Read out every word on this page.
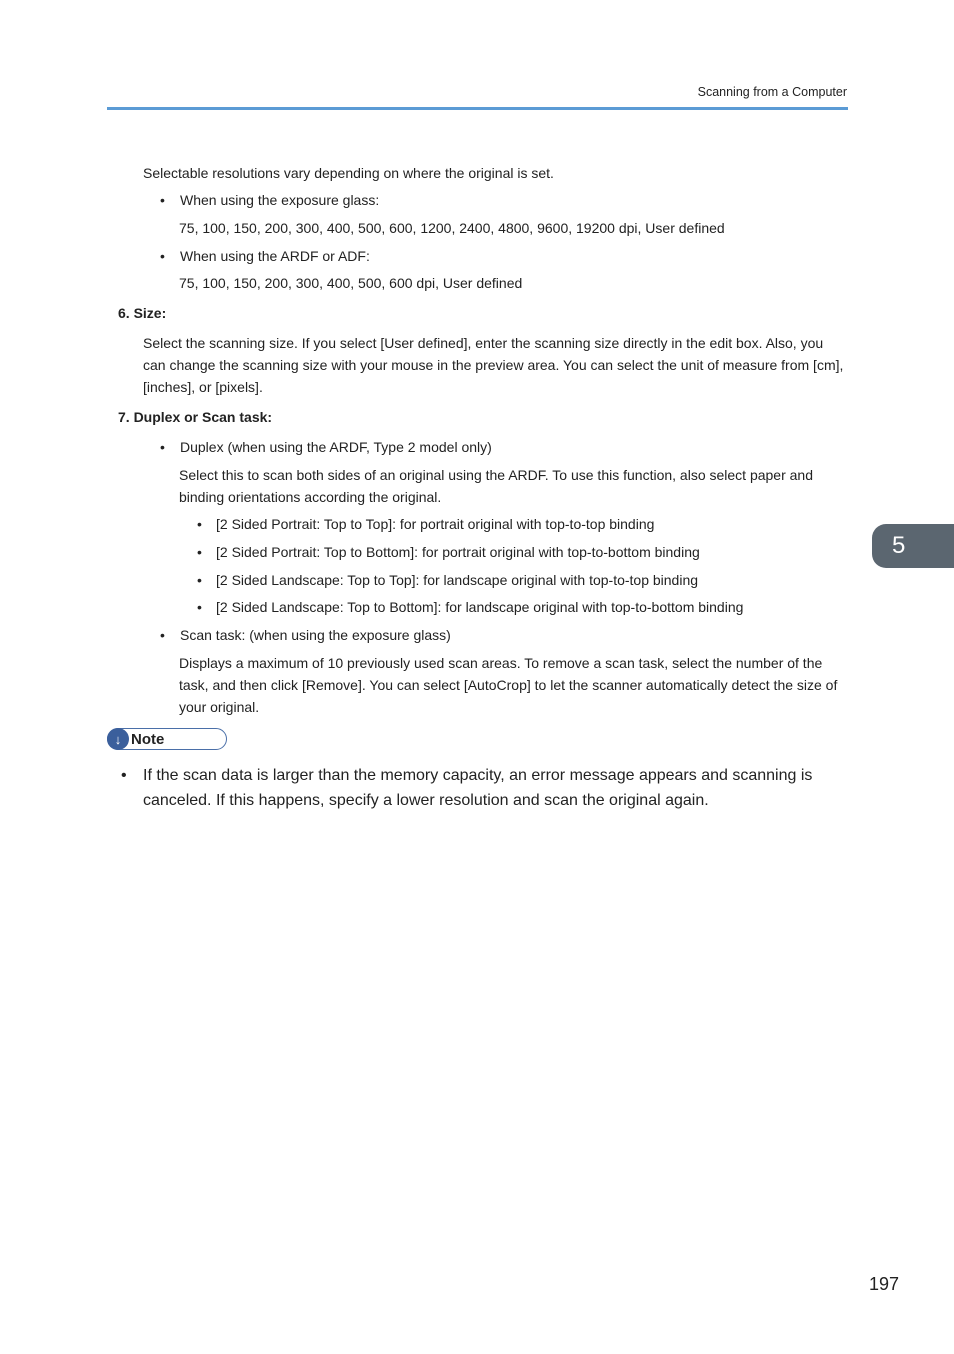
Scanning from a Computer
5

Selectable resolutions vary depending on where the original is set.

•	When using the exposure glass:

75, 100, 150, 200, 300, 400, 500, 600, 1200, 2400, 4800, 9600, 19200 dpi, User defined

•	When using the ARDF or ADF:

75, 100, 150, 200, 300, 400, 500, 600 dpi, User defined

6. Size:

Select the scanning size. If you select [User defined], enter the scanning size directly in the edit box. Also, you can change the scanning size with your mouse in the preview area. You can select the unit of measure from [cm], [inches], or [pixels].

7. Duplex or Scan task:
•	Duplex (when using the ARDF, Type 2 model only)

Select this to scan both sides of an original using the ARDF. To use this function, also select paper and binding orientations according the original.

•	[2 Sided Portrait: Top to Top]: for portrait original with top-to-top binding
•	[2 Sided Portrait: Top to Bottom]: for portrait original with top-to-bottom binding
•	[2 Sided Landscape: Top to Top]: for landscape original with top-to-top binding
•	[2 Sided Landscape: Top to Bottom]: for landscape original with top-to-bottom binding
•	Scan task: (when using the exposure glass)

Displays a maximum of 10 previously used scan areas. To remove a scan task, select the number of the task, and then click [Remove]. You can select [AutoCrop] to let the scanner automatically detect the size of your original.

↓ Note
•	If the scan data is larger than the memory capacity, an error message appears and scanning is canceled. If this happens, specify a lower resolution and scan the original again.
197
